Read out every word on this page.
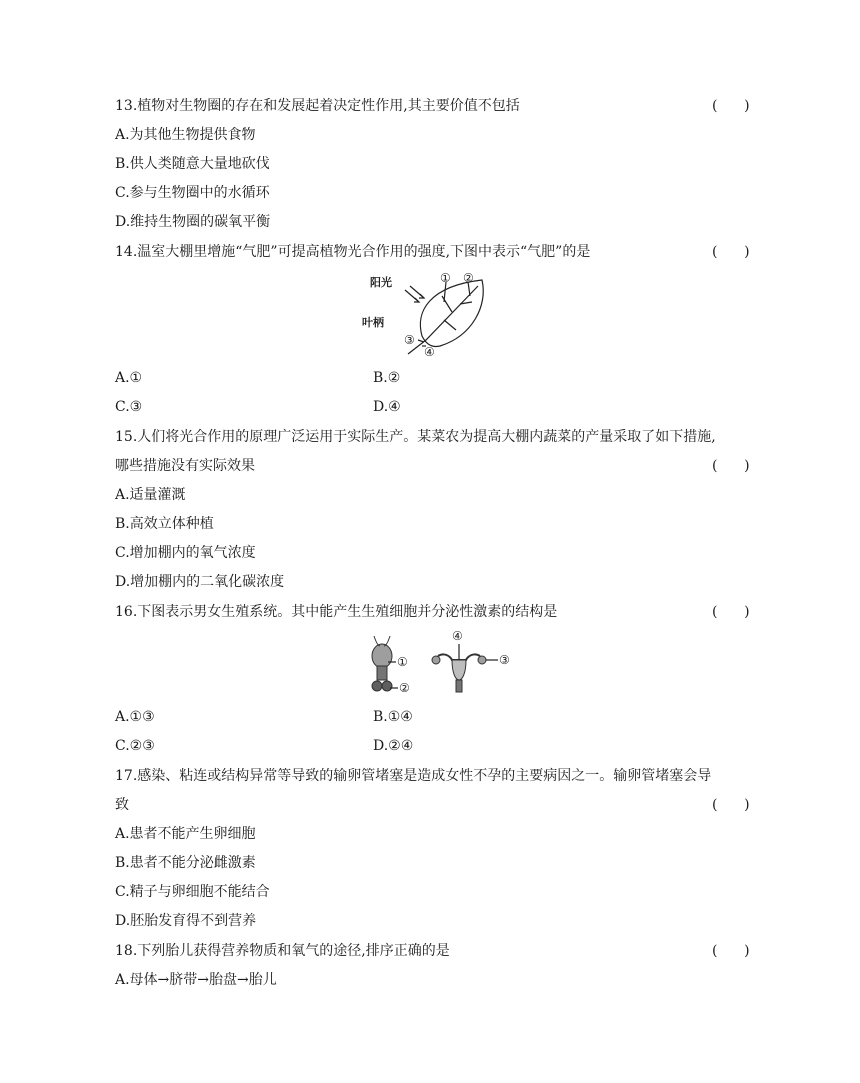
13.植物对生物圈的存在和发展起着决定性作用,其主要价值不包括	(      )
A.为其他生物提供食物
B.供人类随意大量地砍伐
C.参与生物圈中的水循环
D.维持生物圈的碳氧平衡
14.温室大棚里增施“气肥”可提高植物光合作用的强度,下图中表示“气肥”的是	(      )
阳光
叶柄
① ②
③
④
A.①	B.②
C.③	D.④
15.人们将光合作用的原理广泛运用于实际生产。某菜农为提高大棚内蔬菜的产量采取了如下措施,
哪些措施没有实际效果	(      )
A.适量灌溉
B.高效立体种植
C.增加棚内的氧气浓度
D.增加棚内的二氧化碳浓度
16.下图表示男女生殖系统。其中能产生生殖细胞并分泌性激素的结构是	(      )
①
②
④
③
A.①③	B.①④
C.②③	D.②④
17.感染、粘连或结构异常等导致的输卵管堵塞是造成女性不孕的主要病因之一。输卵管堵塞会导
致	(      )
A.患者不能产生卵细胞
B.患者不能分泌雌激素
C.精子与卵细胞不能结合
D.胚胎发育得不到营养
18.下列胎儿获得营养物质和氧气的途径,排序正确的是	(      )
A.母体→脐带→胎盘→胎儿
